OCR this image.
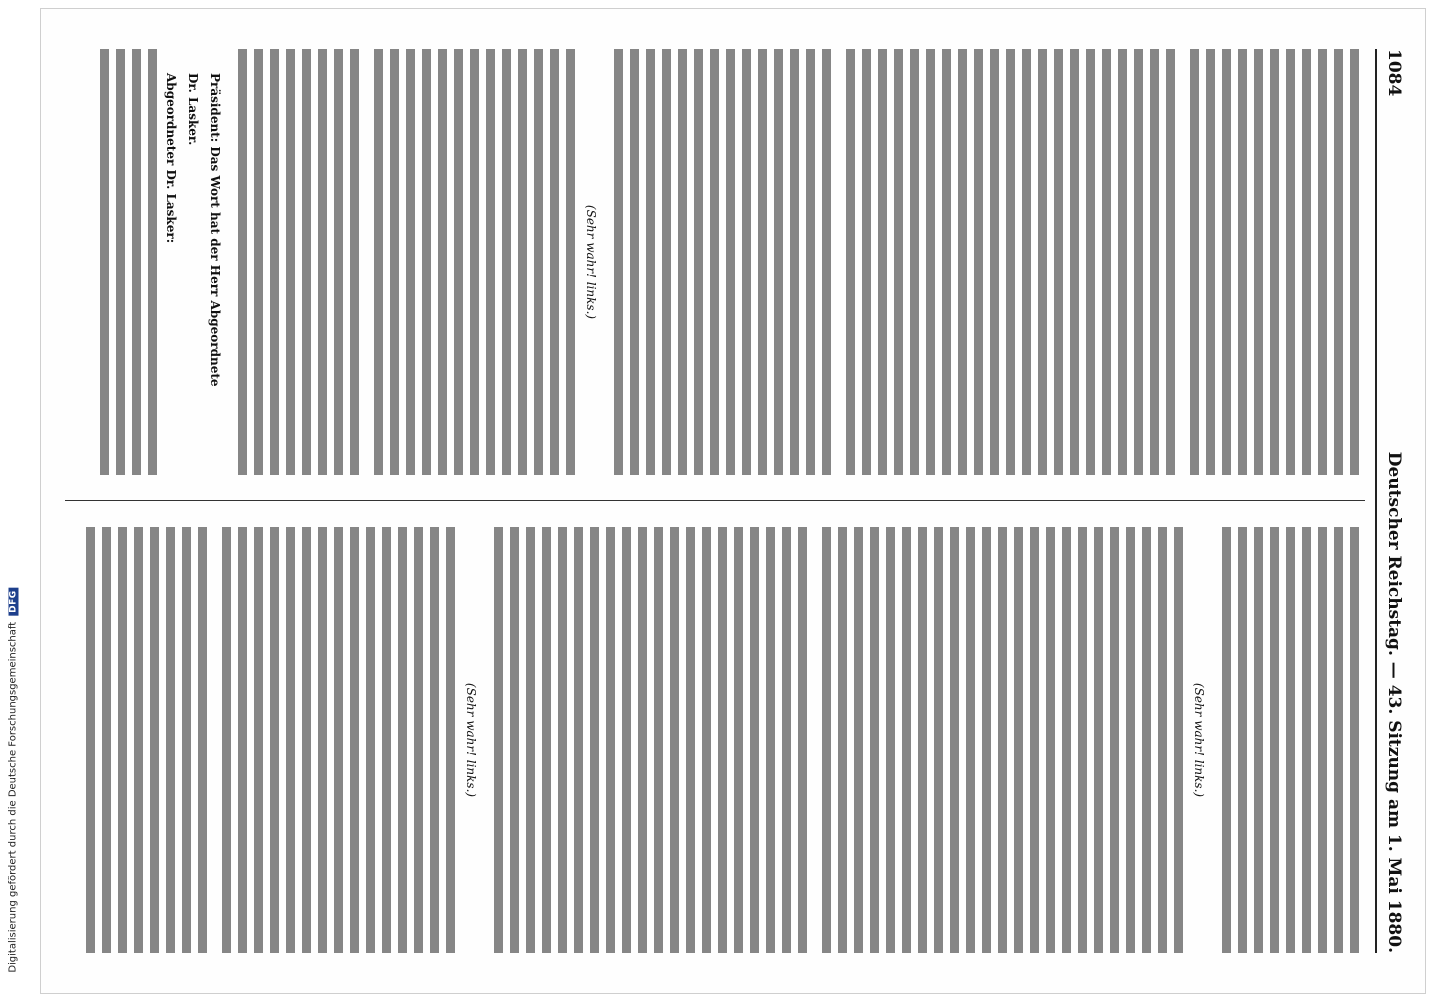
Digitalisierung gefördert durch die Deutsche Forschungsgemeinschaft
DFG
1084
Deutscher Reichstag. — 43. Sitzung am 1. Mai 1880.
(Sehr wahr! links.)
Präsident: Das Wort hat der Herr Abgeordnete
Dr. Lasker.
Abgeordneter Dr. Lasker:
(Sehr wahr! links.)
(Sehr wahr! links.)
